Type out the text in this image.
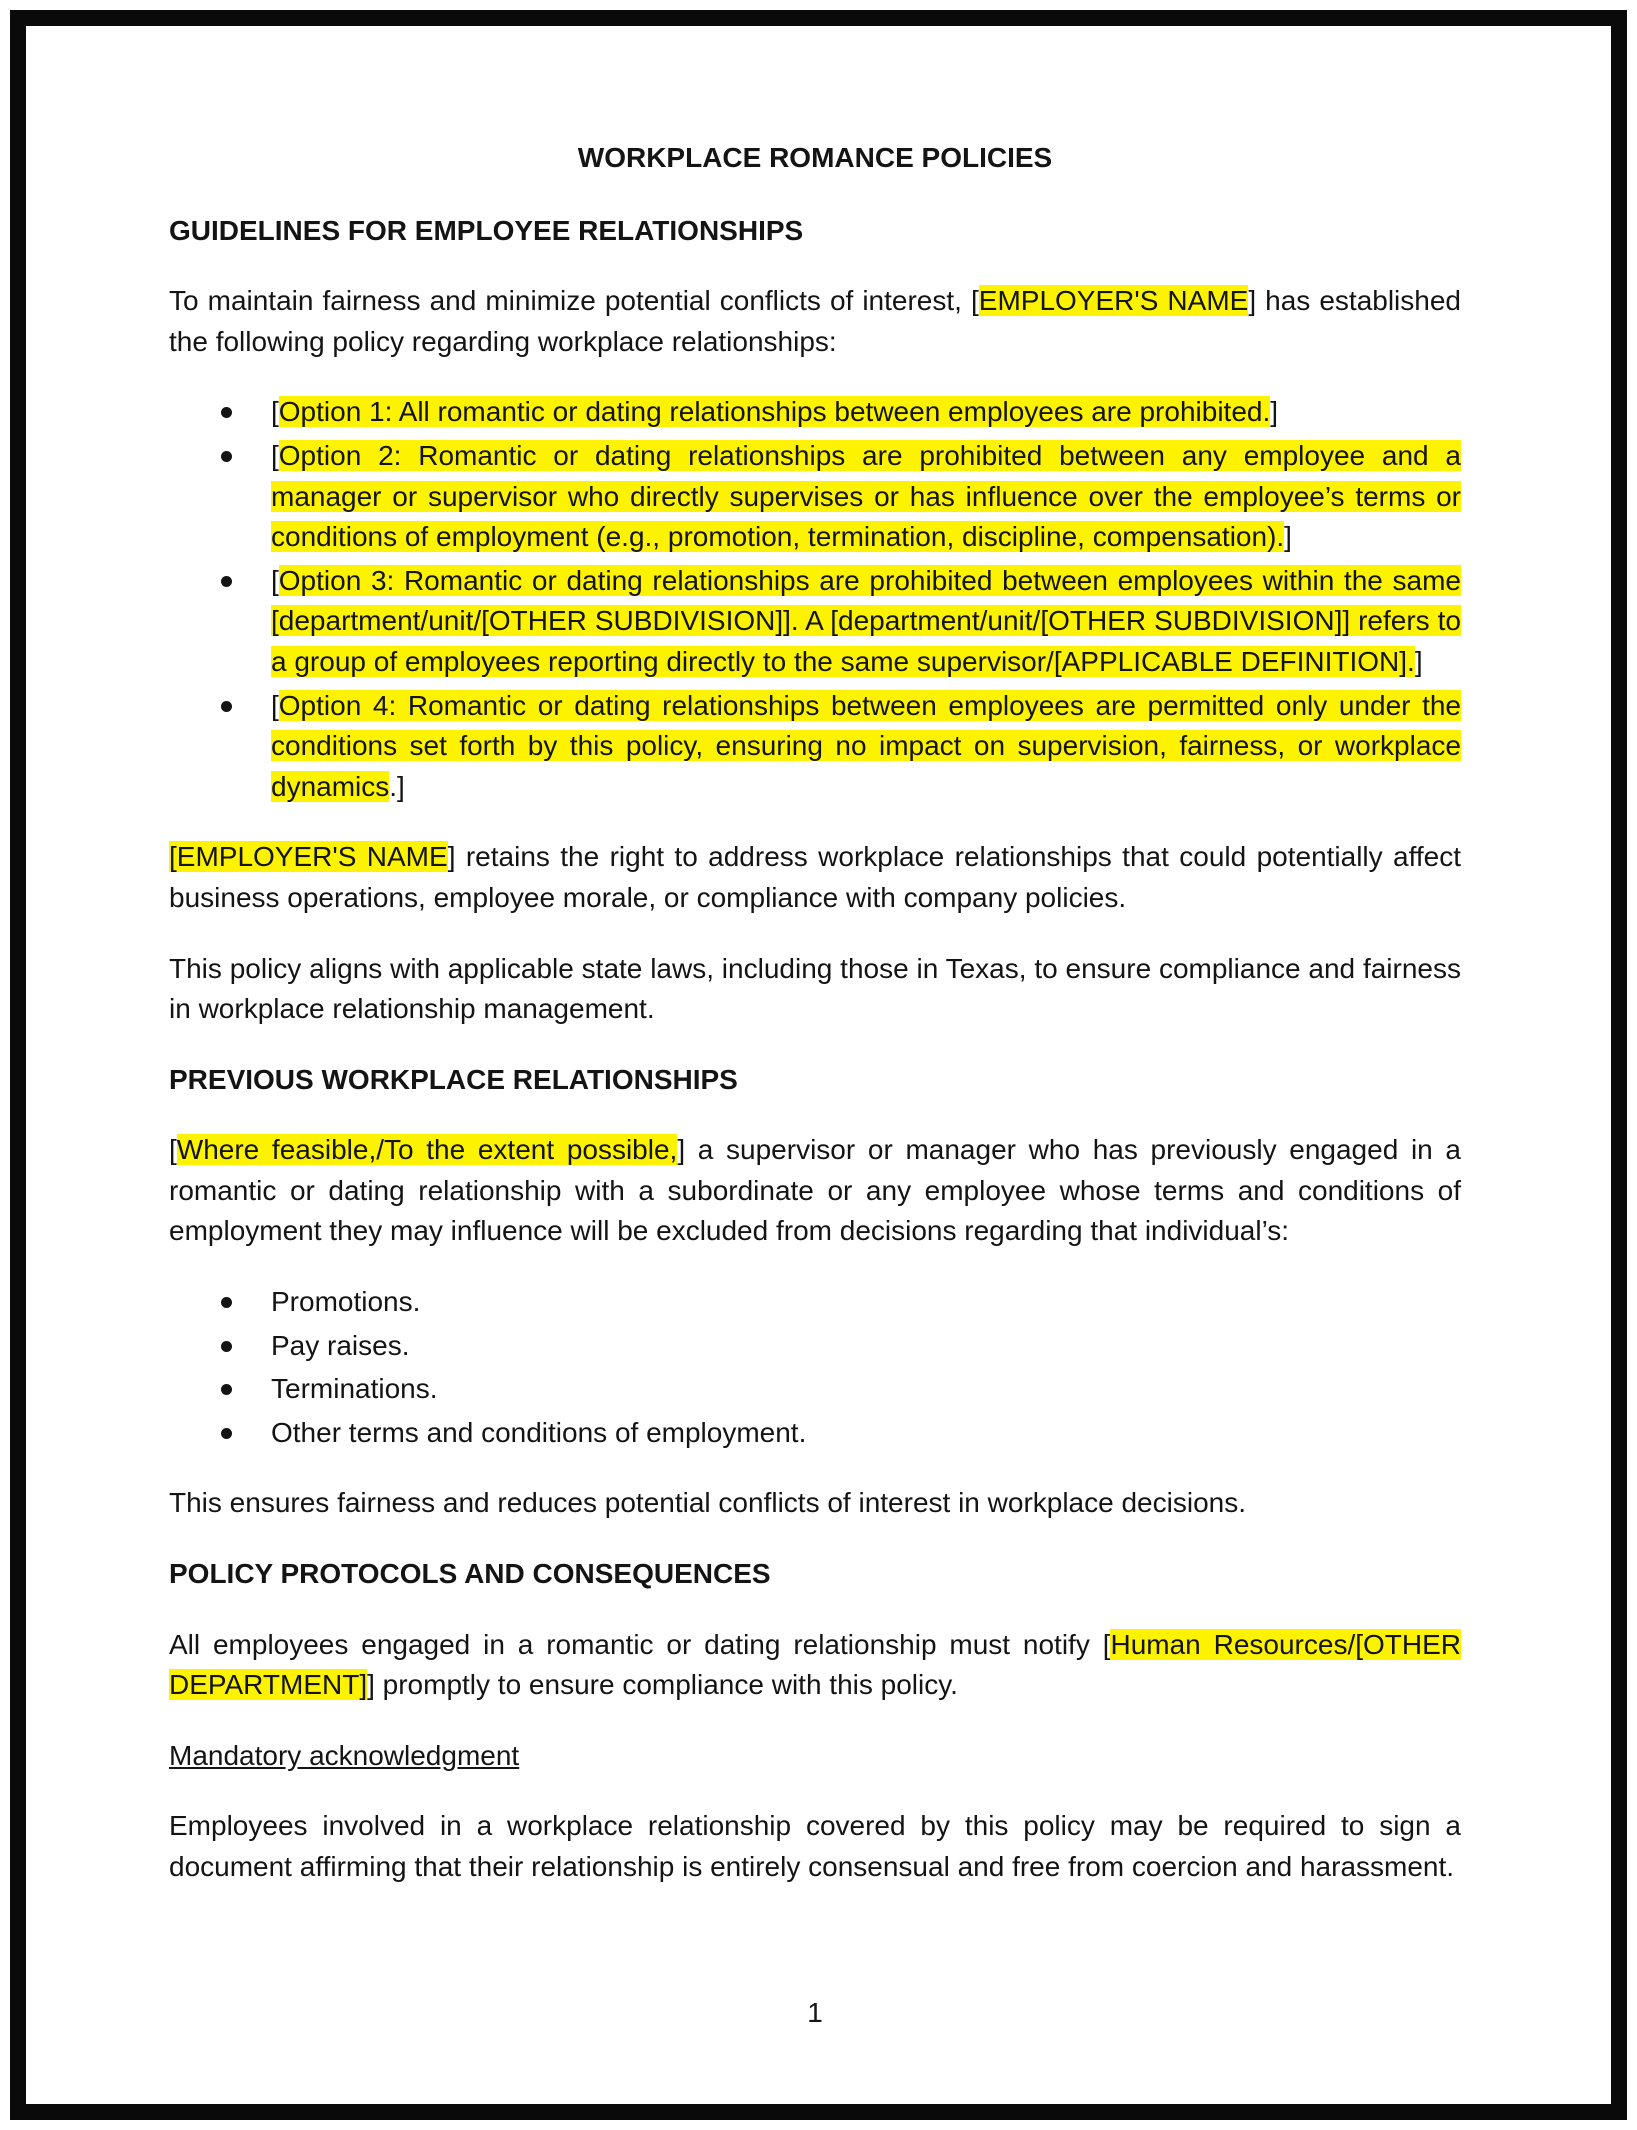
WORKPLACE ROMANCE POLICIES
GUIDELINES FOR EMPLOYEE RELATIONSHIPS

To maintain fairness and minimize potential conflicts of interest, [EMPLOYER'S NAME] has established the following policy regarding workplace relationships:

[Option 1: All romantic or dating relationships between employees are prohibited.]
[Option 2: Romantic or dating relationships are prohibited between any employee and a manager or supervisor who directly supervises or has influence over the employee’s terms or conditions of employment (e.g., promotion, termination, discipline, compensation).]
[Option 3: Romantic or dating relationships are prohibited between employees within the same [department/unit/[OTHER SUBDIVISION]]. A [department/unit/[OTHER SUBDIVISION]] refers to a group of employees reporting directly to the same supervisor/[APPLICABLE DEFINITION].]
[Option 4: Romantic or dating relationships between employees are permitted only under the conditions set forth by this policy, ensuring no impact on supervision, fairness, or workplace dynamics.]

[EMPLOYER'S NAME] retains the right to address workplace relationships that could potentially affect business operations, employee morale, or compliance with company policies.

This policy aligns with applicable state laws, including those in Texas, to ensure compliance and fairness in workplace relationship management.

PREVIOUS WORKPLACE RELATIONSHIPS

[Where feasible,/To the extent possible,] a supervisor or manager who has previously engaged in a romantic or dating relationship with a subordinate or any employee whose terms and conditions of employment they may influence will be excluded from decisions regarding that individual’s:

Promotions.
Pay raises.
Terminations.
Other terms and conditions of employment.

This ensures fairness and reduces potential conflicts of interest in workplace decisions.

POLICY PROTOCOLS AND CONSEQUENCES

All employees engaged in a romantic or dating relationship must notify [Human Resources/[OTHER DEPARTMENT]] promptly to ensure compliance with this policy.

Mandatory acknowledgment

Employees involved in a workplace relationship covered by this policy may be required to sign a document affirming that their relationship is entirely consensual and free from coercion and harassment.

1
